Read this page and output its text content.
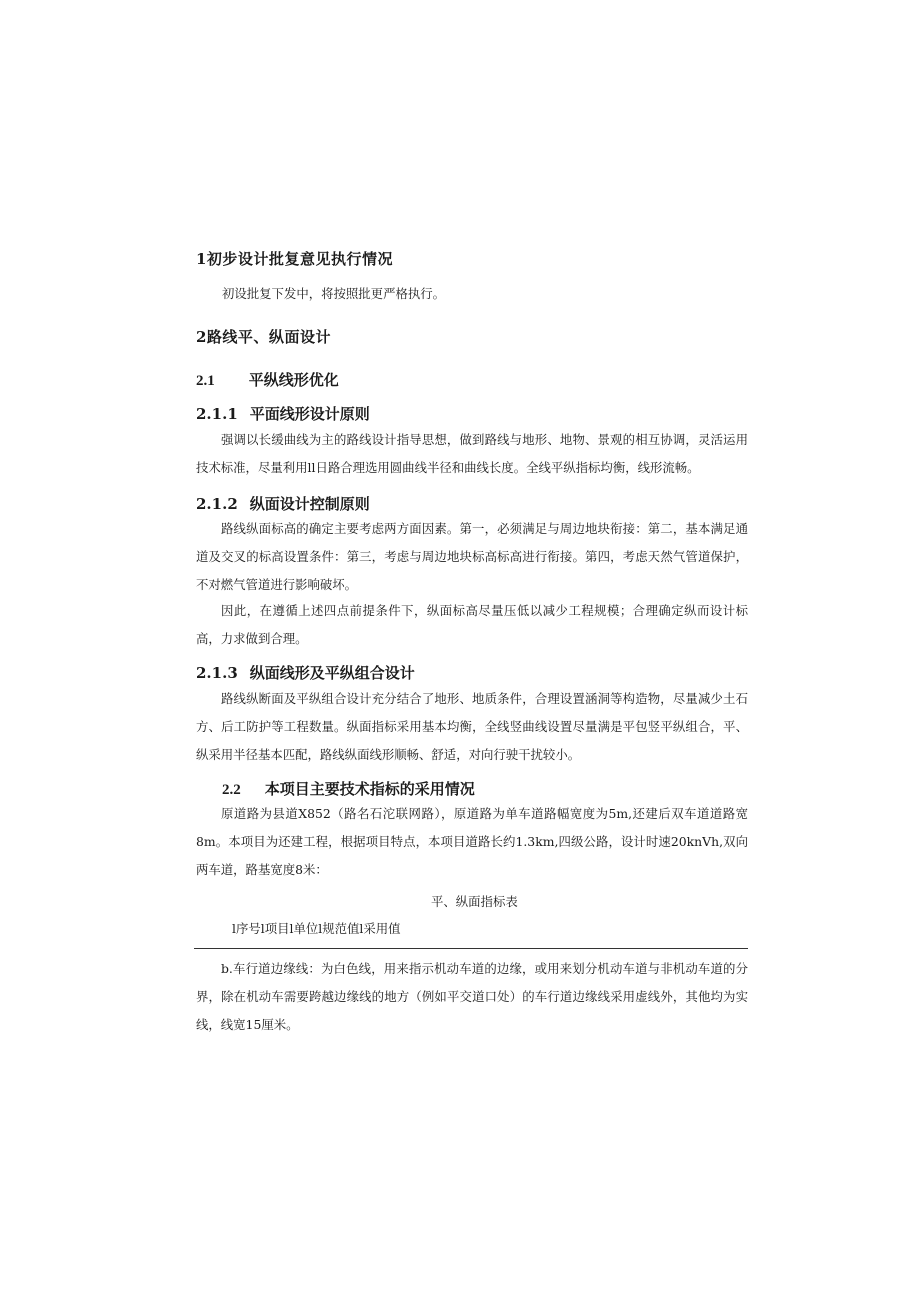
1初步设计批复意见执行情况
初设批复下发中，将按照批更严格执行。
2路线平、纵面设计
2.1 平纵线形优化
2.1.1 平面线形设计原则
强调以长缓曲线为主的路线设计指导思想，做到路线与地形、地物、景观的相互协调，灵活运用技术标准，尽量利用ll日路合理选用圆曲线半径和曲线长度。全线平纵指标均衡，线形流畅。
2.1.2 纵面设计控制原则
路线纵面标高的确定主要考虑两方面因素。第一，必须满足与周边地块衔接：第二，基本满足通道及交叉的标高设置条件：第三，考虑与周边地块标高标高进行衔接。第四，考虑天然气管道保护，不对燃气管道进行影响破坏。
因此，在遵循上述四点前提条件下，纵面标高尽量压低以减少工程规模；合理确定纵而设计标高，力求做到合理。
2.1.3 纵面线形及平纵组合设计
路线纵断面及平纵组合设计充分结合了地形、地质条件，合理设置涵洞等构造物，尽量减少土石方、后工防护等工程数量。纵面指标采用基本均衡，全线竖曲线设置尽量满是平包竖平纵组合，平、纵采用半径基本匹配，路线纵面线形顺畅、舒适，对向行驶干扰较小。
2.2 本项目主要技术指标的采用情况
原道路为县道X852（路名石沱联网路），原道路为单车道路幅宽度为5m,还建后双车道道路宽8m。本项目为还建工程，根据项目特点，本项目道路长约1.3km,四级公路，设计时速20knVh,双向两车道，路基宽度8米：
平、纵面指标表
l序号l项目l单位l规范值l采用值
b.车行道边缘线：为白色线，用来指示机动车道的边缘，或用来划分机动车道与非机动车道的分界，除在机动车需要跨越边缘线的地方（例如平交道口处）的车行道边缘线采用虚线外，其他均为实线，线宽15厘米。
